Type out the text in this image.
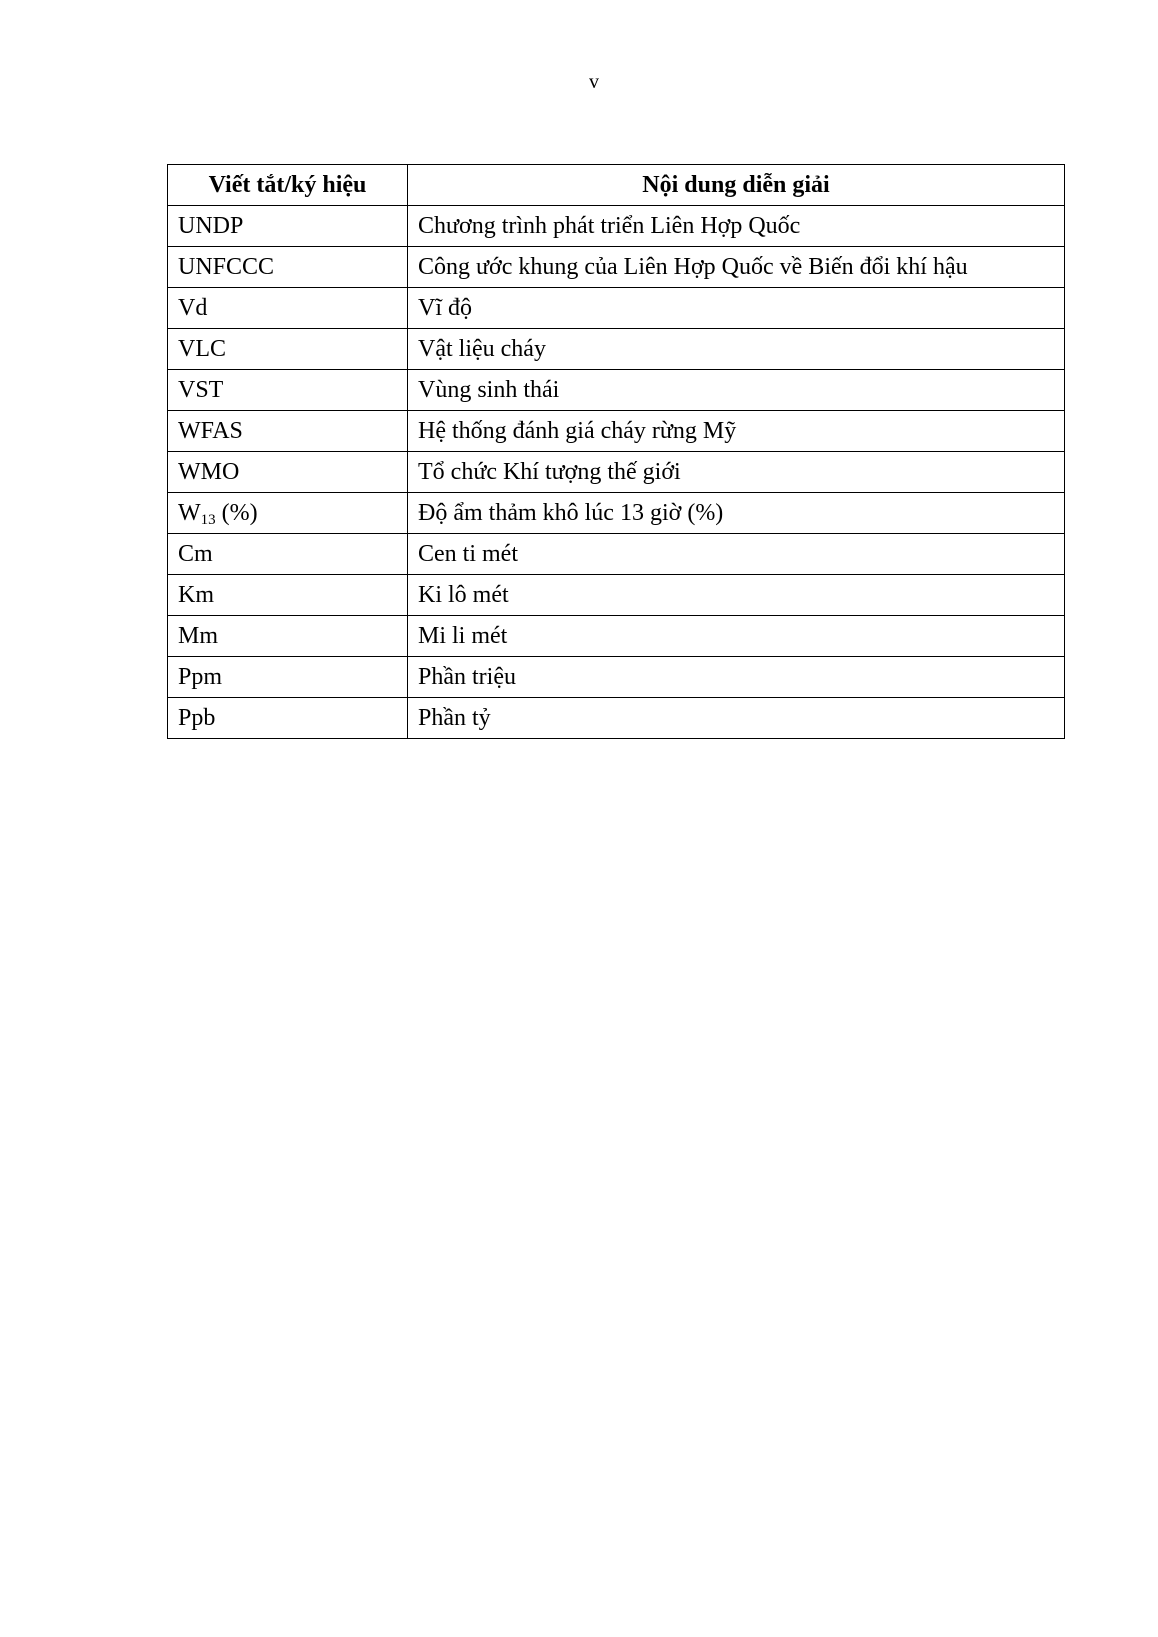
v
Viết tắt/ký hiệu	Nội dung diễn giải
UNDP	Chương trình phát triển Liên Hợp Quốc
UNFCCC	Công ước khung của Liên Hợp Quốc về Biến đổi khí hậu
Vd	Vĩ độ
VLC	Vật liệu cháy
VST	Vùng sinh thái
WFAS	Hệ thống đánh giá cháy rừng Mỹ
WMO	Tổ chức Khí tượng thế giới
$W_{13}$ (%)	Độ ẩm thảm khô lúc 13 giờ (%)
Cm	Cen ti mét
Km	Ki lô mét
Mm	Mi li mét
Ppm	Phần triệu
Ppb	Phần tỷ
